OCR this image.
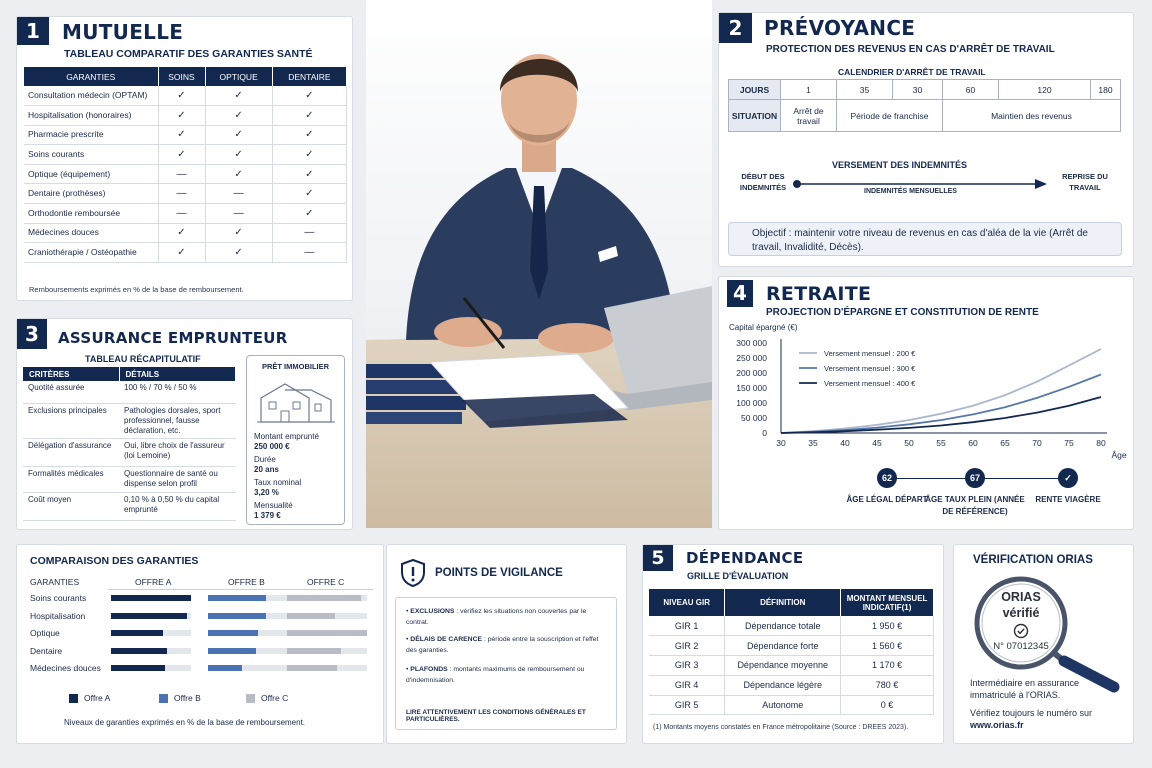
1	MUTUELLE
TABLEAU COMPARATIF DES GARANTIES SANTÉ
GARANTIES	SOINS	OPTIQUE	DENTAIRE
Consultation médecin (OPTAM)	✓	✓	✓
Hospitalisation (honoraires)	✓	✓	✓
Pharmacie prescrite	✓	✓	✓
Soins courants	✓	✓	✓
Optique (équipement)	—	✓	✓
Dentaire (prothèses)	—	—	✓
Orthodontie remboursée	—	—	✓
Médecines douces	✓	✓	—
Craniothérapie / Ostéopathie	✓	✓	—
Remboursements exprimés en % de la base de remboursement.
3	ASSURANCE EMPRUNTEUR
TABLEAU RÉCAPITULATIF
CRITÈRES	DÉTAILS
Quotité assurée	100 % / 70 % / 50 %
Exclusions principales	Pathologies dorsales, sport professionnel, fausse déclaration, etc.
Délégation d'assurance	Oui, libre choix de l'assureur (loi Lemoine)
Formalités médicales	Questionnaire de santé ou dispense selon profil
Coût moyen	0,10 % à 0,50 % du capital emprunté
PRÊT IMMOBILIER
Montant emprunté
250 000 €
Durée
20 ans
Taux nominal
3,20 %
Mensualité
1 379 €
2	PRÉVOYANCE
PROTECTION DES REVENUS EN CAS D'ARRÊT DE TRAVAIL
CALENDRIER D'ARRÊT DE TRAVAIL
JOURS	1	35	30	60	120	180
SITUATION	Arrêt de travail	Période de franchise		Maintien des revenus		
VERSEMENT DES INDEMNITÉS
DÉBUT DES INDEMNITÉS	INDEMNITÉS MENSUELLES
REPRISE DU TRAVAIL
Objectif : maintenir votre niveau de revenus en cas d'aléa de la vie (Arrêt de travail, Invalidité, Décès).
4	RETRAITE
PROJECTION D'ÉPARGNE ET CONSTITUTION DE RENTE
Capital épargné (€)
0
50 000
100 000
150 000
200 000
250 000
300 000
30	35	40	45	50	55	60	65	70	75	80
Âge
Versement mensuel : 200 €
Versement mensuel : 300 €
Versement mensuel : 400 €
62
ÂGE LÉGAL DÉPART
67
ÂGE TAUX PLEIN (ANNÉE DE RÉFÉRENCE)
✓
RENTE VIAGÈRE
COMPARAISON DES GARANTIES
GARANTIES	OFFRE A	OFFRE B	OFFRE C
Soins courants
Hospitalisation
Optique
Dentaire
Médecines douces
Offre A	Offre B	Offre C
Niveaux de garanties exprimés en % de la base de remboursement.
POINTS DE VIGILANCE
• EXCLUSIONS : vérifiez les situations non couvertes par le contrat.
• DÉLAIS DE CARENCE : période entre la souscription et l'effet des garanties.
• PLAFONDS : montants maximums de remboursement ou d'indemnisation.
LIRE ATTENTIVEMENT LES CONDITIONS GÉNÉRALES ET PARTICULIÈRES.
5	DÉPENDANCE
GRILLE D'ÉVALUATION
NIVEAU GIR	DÉFINITION	MONTANT MENSUEL INDICATIF(1)
GIR 1	Dépendance totale	1 950 €
GIR 2	Dépendance forte	1 560 €
GIR 3	Dépendance moyenne	1 170 €
GIR 4	Dépendance légère	780 €
GIR 5	Autonome	0 €
(1) Montants moyens constatés en France métropolitaine (Source : DREES 2023).
VÉRIFICATION ORIAS
ORIAS
vérifié
N° 07012345
Intermédiaire en assurance immatriculé à l'ORIAS.
Vérifiez toujours le numéro sur www.orias.fr
